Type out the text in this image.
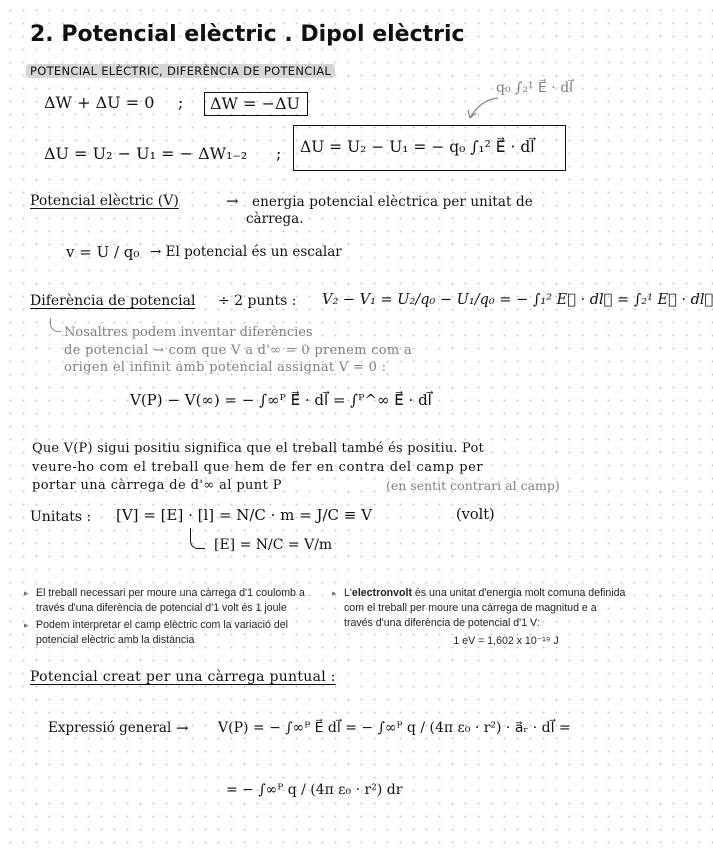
2. Potencial elèctric . Dipol elèctric
POTENCIAL ELÈCTRIC, DIFERÈNCIA DE POTENCIAL
ΔW + ΔU = 0 ; ΔW = −ΔU
q₀ ∫₂¹ E⃗ · dl⃗
ΔU = U₂ − U₁ = − ΔW₁₋₂ ; ΔU = U₂ − U₁ = − q₀ ∫₁² E⃗ · dl⃗
Potencial elèctric (V)	→ energia potencial elèctrica per unitat de
càrrega.
v = U / q₀ → El potencial és un escalar
Diferència de potencial ÷ 2 punts : V₂ − V₁ = U₂/q₀ − U₁/q₀ = − ∫₁² E⃗ · dl⃗ = ∫₂¹ E⃗ · dl⃗
Nosaltres podem inventar diferències
de potencial → com que V a d'∞ = 0 prenem com a
origen el infinit amb potencial assignat V = 0 :
V(P) − V(∞) = − ∫∞ᴾ E⃗ · dl⃗ = ∫ᴾ^∞ E⃗ · dl⃗
Que V(P) sigui positiu significa que el treball també és positiu. Pot
veure-ho com el treball que hem de fer en contra del camp per
portar una càrrega de d'∞ al punt P	(en sentit contrari al camp)
Unitats : [V] = [E] · [l] = N/C · m = J/C ≡ V	(volt)
[E] = N/C = V/m
▸ El treball necessari per moure una càrrega d'1 coulomb a través d'una diferència de potencial d'1 volt és 1 joule
▸ Podem interpretar el camp elèctric com la variació del potencial elèctric amb la distància
▸ L'electronvolt és una unitat d'energia molt comuna definida com el treball per moure una càrrega de magnitud e a través d'una diferència de potencial d'1 V:
1 eV = 1,602 x 10⁻¹⁹ J
Potencial creat per una càrrega puntual :
Expressió general → V(P) = − ∫∞ᴾ E⃗ dl⃗ = − ∫∞ᴾ q / (4π ε₀ · r²) · a⃗ᵣ · dl⃗ =
= − ∫∞ᴾ q / (4π ε₀ · r²) dr
